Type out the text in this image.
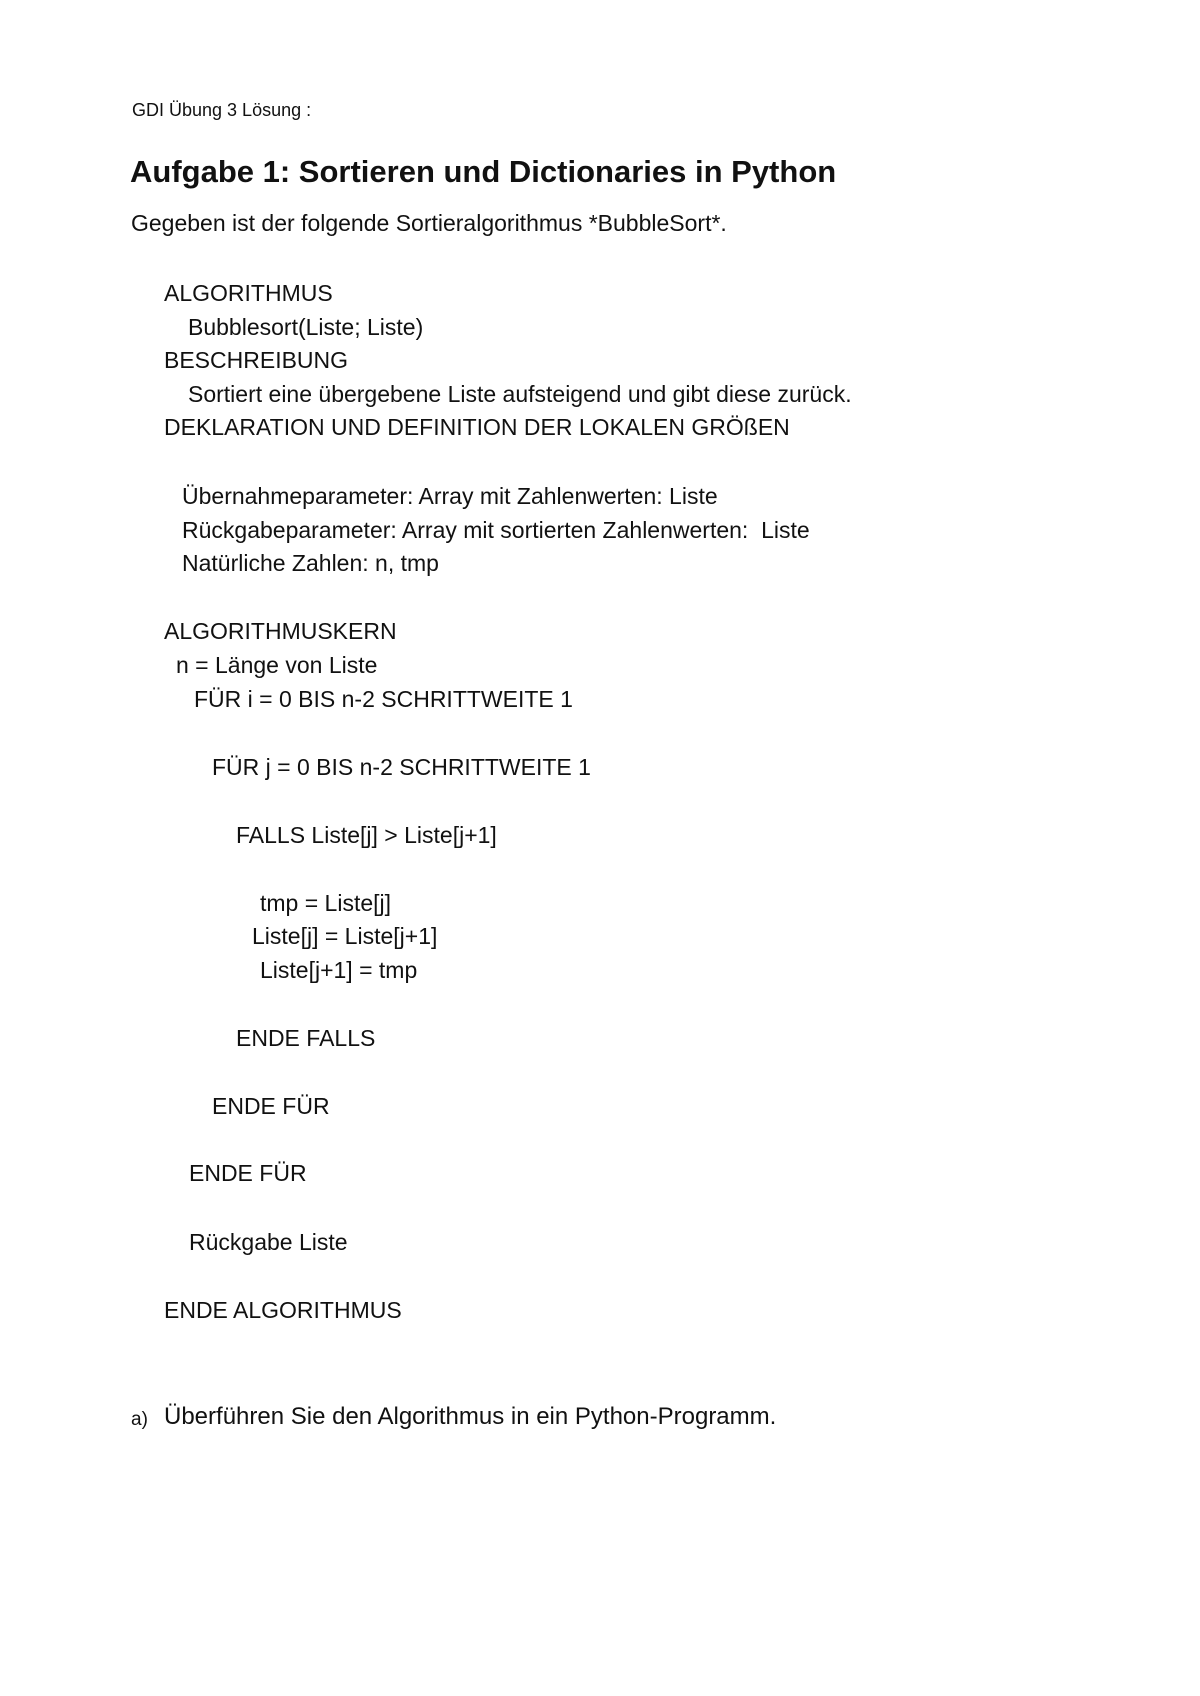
GDI Übung 3 Lösung :
Aufgabe 1: Sortieren und Dictionaries in Python
Gegeben ist der folgende Sortieralgorithmus *BubbleSort*.
ALGORITHMUS
Bubblesort(Liste; Liste)
BESCHREIBUNG
Sortiert eine übergebene Liste aufsteigend und gibt diese zurück.
DEKLARATION UND DEFINITION DER LOKALEN GRÖßEN
Übernahmeparameter: Array mit Zahlenwerten: Liste
Rückgabeparameter: Array mit sortierten Zahlenwerten:  Liste
Natürliche Zahlen: n, tmp
ALGORITHMUSKERN
n = Länge von Liste
FÜR i = 0 BIS n-2 SCHRITTWEITE 1
FÜR j = 0 BIS n-2 SCHRITTWEITE 1
FALLS Liste[j] > Liste[j+1]
tmp = Liste[j]
Liste[j] = Liste[j+1]
Liste[j+1] = tmp
ENDE FALLS
ENDE FÜR
ENDE FÜR
Rückgabe Liste
ENDE ALGORITHMUS
a) Überführen Sie den Algorithmus in ein Python-Programm.
